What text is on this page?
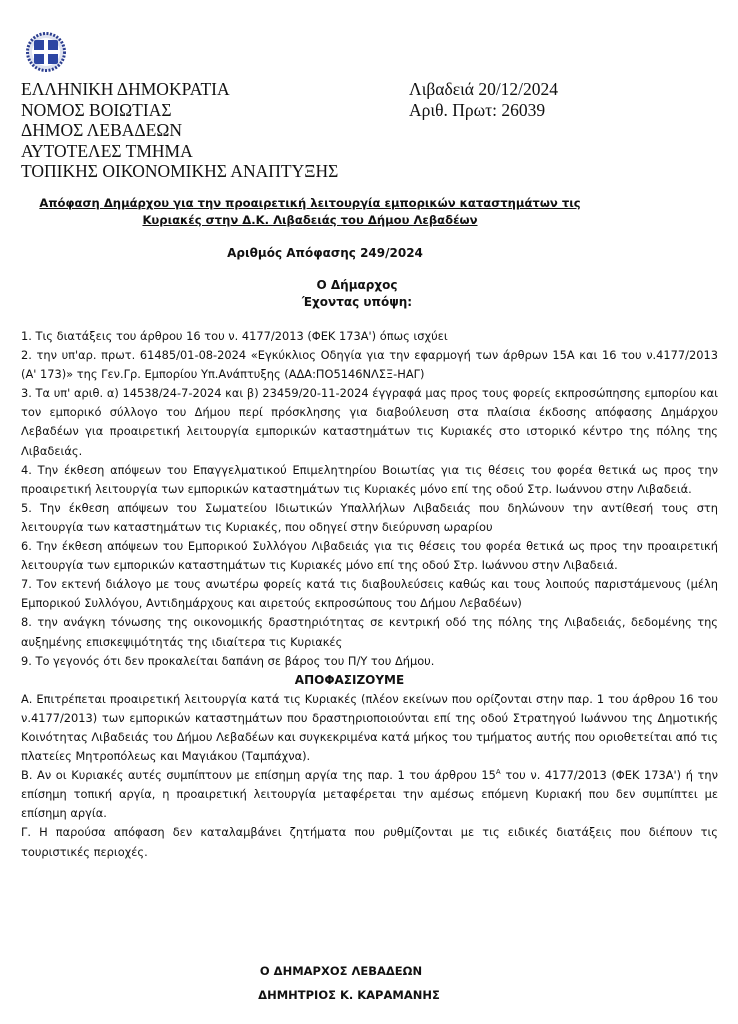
ΕΛΛΗΝΙΚΗ ΔΗΜΟΚΡΑΤΙΑ
ΝΟΜΟΣ ΒΟΙΩΤΙΑΣ
ΔΗΜΟΣ ΛΕΒΑΔΕΩΝ
ΑΥΤΟΤΕΛΕΣ ΤΜΗΜΑ
ΤΟΠΙΚΗΣ ΟΙΚΟΝΟΜΙΚΗΣ ΑΝΑΠΤΥΞΗΣ
Λιβαδειά 20/12/2024
Αριθ. Πρωτ: 26039
Απόφαση Δημάρχου για την προαιρετική λειτουργία εμπορικών καταστημάτων τις
Κυριακές στην Δ.Κ. Λιβαδειάς του Δήμου Λεβαδέων
Αριθμός Απόφασης 249/2024
Ο Δήμαρχος
Έχοντας υπόψη:

1. Τις διατάξεις του άρθρου 16 του ν. 4177/2013 (ΦΕΚ 173Α') όπως ισχύει

2. την υπ'αρ. πρωτ. 61485/01-08-2024 «Εγκύκλιος Οδηγία για την εφαρμογή των άρθρων 15Α και 16 του ν.4177/2013 (Α' 173)» της Γεν.Γρ. Εμπορίου Υπ.Ανάπτυξης (ΑΔΑ:ΠΟ5146ΝΛΣΞ-ΗΑΓ)

3. Τα υπ' αριθ. α) 14538/24-7-2024 και β) 23459/20-11-2024 έγγραφά μας προς τους φορείς εκπροσώπησης εμπορίου και τον εμπορικό σύλλογο του Δήμου περί πρόσκλησης για διαβούλευση στα πλαίσια έκδοσης απόφασης Δημάρχου Λεβαδέων για προαιρετική λειτουργία εμπορικών καταστημάτων τις Κυριακές στο ιστορικό κέντρο της πόλης της Λιβαδειάς.

4. Την έκθεση απόψεων του Επαγγελματικού Επιμελητηρίου Βοιωτίας για τις θέσεις του φορέα θετικά ως προς την προαιρετική λειτουργία των εμπορικών καταστημάτων τις Κυριακές μόνο επί της οδού Στρ. Ιωάννου στην Λιβαδειά.

5. Την έκθεση απόψεων του Σωματείου Ιδιωτικών Υπαλλήλων Λιβαδειάς που δηλώνουν την αντίθεσή τους στη λειτουργία των καταστημάτων τις Κυριακές, που οδηγεί στην διεύρυνση ωραρίου

6. Την έκθεση απόψεων του Εμπορικού Συλλόγου Λιβαδειάς για τις θέσεις του φορέα θετικά ως προς την προαιρετική λειτουργία των εμπορικών καταστημάτων τις Κυριακές μόνο επί της οδού Στρ. Ιωάννου στην Λιβαδειά.

7. Τον εκτενή διάλογο με τους ανωτέρω φορείς κατά τις διαβουλεύσεις καθώς και τους λοιπούς παριστάμενους (μέλη Εμπορικού Συλλόγου, Αντιδημάρχους και αιρετούς εκπροσώπους του Δήμου Λεβαδέων)

8. την ανάγκη τόνωσης της οικονομικής δραστηριότητας σε κεντρική οδό της πόλης της Λιβαδειάς, δεδομένης της αυξημένης επισκεψιμότητάς της ιδιαίτερα τις Κυριακές

9. Το γεγονός ότι δεν προκαλείται δαπάνη σε βάρος του Π/Υ του Δήμου.

ΑΠΟΦΑΣΙΖΟΥΜΕ

Α. Επιτρέπεται προαιρετική λειτουργία κατά τις Κυριακές (πλέον εκείνων που ορίζονται στην παρ. 1 του άρθρου 16 του ν.4177/2013) των εμπορικών καταστημάτων που δραστηριοποιούνται επί της οδού Στρατηγού Ιωάννου της Δημοτικής Κοινότητας Λιβαδειάς του Δήμου Λεβαδέων και συγκεκριμένα κατά μήκος του τμήματος αυτής που οριοθετείται από τις πλατείες Μητροπόλεως και Μαγιάκου (Ταμπάχνα).

Β. Αν οι Κυριακές αυτές συμπίπτουν με επίσημη αργία της παρ. 1 του άρθρου $15^A$ του ν. 4177/2013 (ΦΕΚ 173Α') ή την επίσημη τοπική αργία, η προαιρετική λειτουργία μεταφέρεται την αμέσως επόμενη Κυριακή που δεν συμπίπτει με επίσημη αργία.

Γ. Η παρούσα απόφαση δεν καταλαμβάνει ζητήματα που ρυθμίζονται με τις ειδικές διατάξεις που διέπουν τις τουριστικές περιοχές.

Ο ΔΗΜΑΡΧΟΣ ΛΕΒΑΔΕΩΝ
ΔΗΜΗΤΡΙΟΣ Κ. ΚΑΡΑΜΑΝΗΣ
